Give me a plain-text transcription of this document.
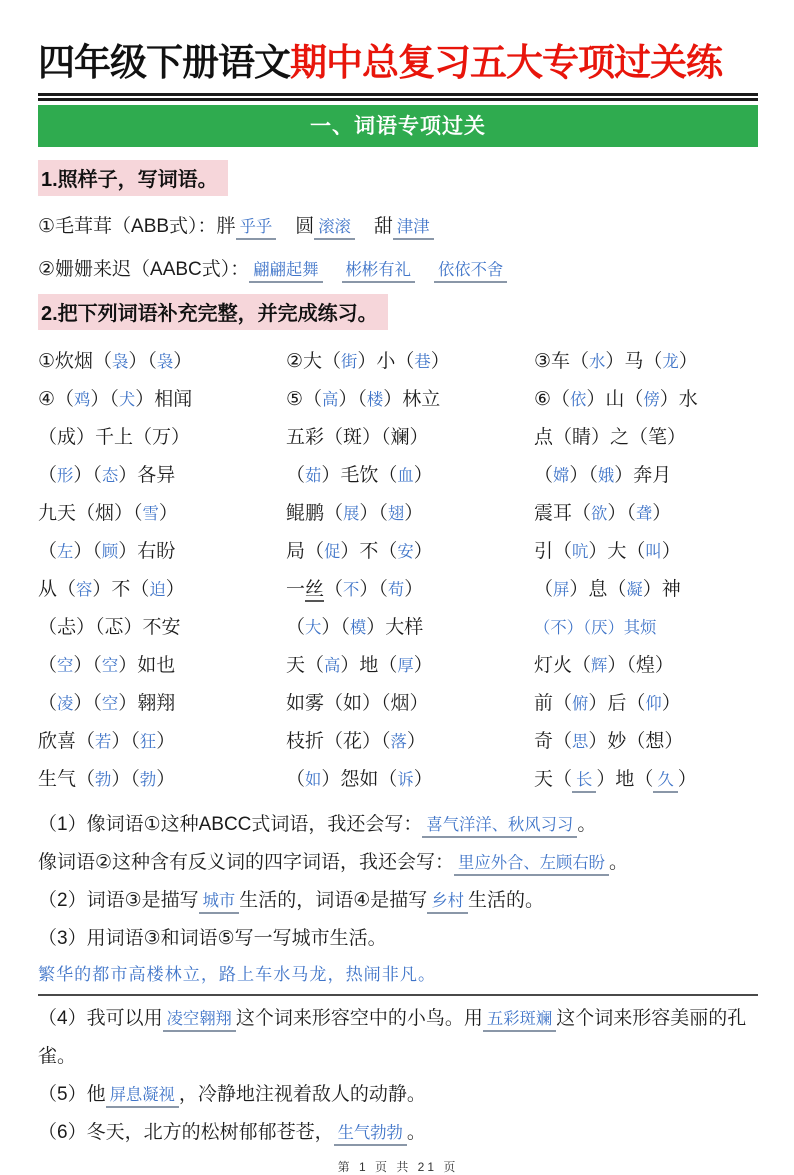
四年级下册语文期中总复习五大专项过关练
一、词语专项过关
1.照样子，写词语。
①毛茸茸（ABB式）：胖 乎乎　圆 滚滚　甜 津津
②姗姗来迟（AABC式）： 翩翩起舞　 彬彬有礼　 依依不舍
2.把下列词语补充完整，并完成练习。
①炊烟（袅）（袅）	②大（街）小（巷）	③车（水）马（龙）
④（鸡）（犬）相闻	⑤（高）（楼）林立	⑥（依）山（傍）水
（成）千上（万）	五彩（斑）（斓）	点（睛）之（笔）
（形）（态）各异	（茹）毛饮（血）	（嫦）（娥）奔月
九天（烟）（雪）	鲲鹏（展）（翅）	震耳（欲）（聋）
（左）（顾）右盼	局（促）不（安）	引（吭）大（叫）
从（容）不（迫）	一丝（不）（苟）	（屏）息（凝）神
（忐）（忑）不安	（大）（模）大样	（不）（厌）其烦
（空）（空）如也	天（高）地（厚）	灯火（辉）（煌）
（凌）（空）翱翔	如雾（如）（烟）	前（俯）后（仰）
欣喜（若）（狂）	枝折（花）（落）	奇（思）妙（想）
生气（勃）（勃）	（如）怨如（诉）	天（ 长 ）地（ 久 ）
（1）像词语①这种ABCC式词语，我还会写： 喜气洋洋、秋风习习 。
像词语②这种含有反义词的四字词语，我还会写： 里应外合、左顾右盼 。
（2）词语③是描写 城市 生活的，词语④是描写 乡村 生活的。
（3）用词语③和词语⑤写一写城市生活。
繁华的都市高楼林立，路上车水马龙，热闹非凡。
（4）我可以用 凌空翱翔 这个词来形容空中的小鸟。用 五彩斑斓 这个词来形容美丽的孔雀。
（5）他 屏息凝视 ，冷静地注视着敌人的动静。
（6）冬天，北方的松树郁郁苍苍， 生气勃勃 。
第 1 页 共 21 页
